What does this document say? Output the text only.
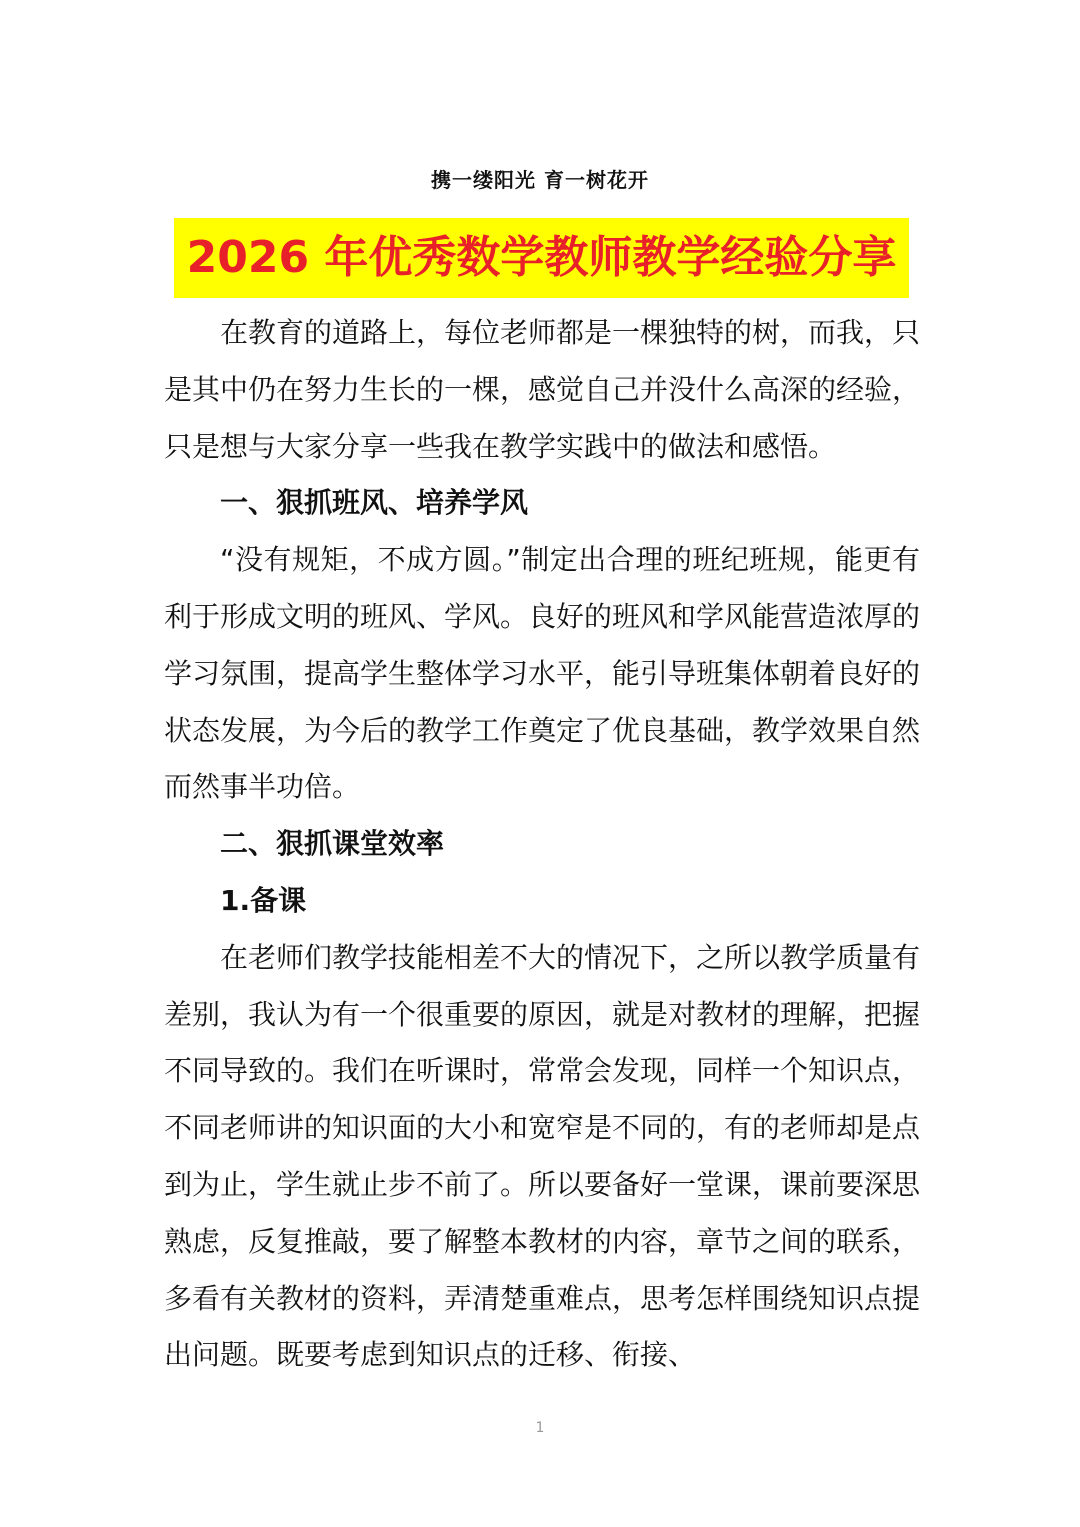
携一缕阳光 育一树花开
2026 年优秀数学教师教学经验分享

在教育的道路上，每位老师都是一棵独特的树，而我，只是其中仍在努力生长的一棵，感觉自己并没什么高深的经验，只是想与大家分享一些我在教学实践中的做法和感悟。

一、狠抓班风、培养学风

“没有规矩，不成方圆。”制定出合理的班纪班规，能更有利于形成文明的班风、学风。良好的班风和学风能营造浓厚的学习氛围，提高学生整体学习水平，能引导班集体朝着良好的状态发展，为今后的教学工作奠定了优良基础，教学效果自然而然事半功倍。

二、狠抓课堂效率

1.备课

在老师们教学技能相差不大的情况下，之所以教学质量有差别，我认为有一个很重要的原因，就是对教材的理解，把握不同导致的。我们在听课时，常常会发现，同样一个知识点，不同老师讲的知识面的大小和宽窄是不同的，有的老师却是点到为止，学生就止步不前了。所以要备好一堂课，课前要深思熟虑，反复推敲，要了解整本教材的内容，章节之间的联系，多看有关教材的资料，弄清楚重难点，思考怎样围绕知识点提出问题。既要考虑到知识点的迁移、衔接、

1
